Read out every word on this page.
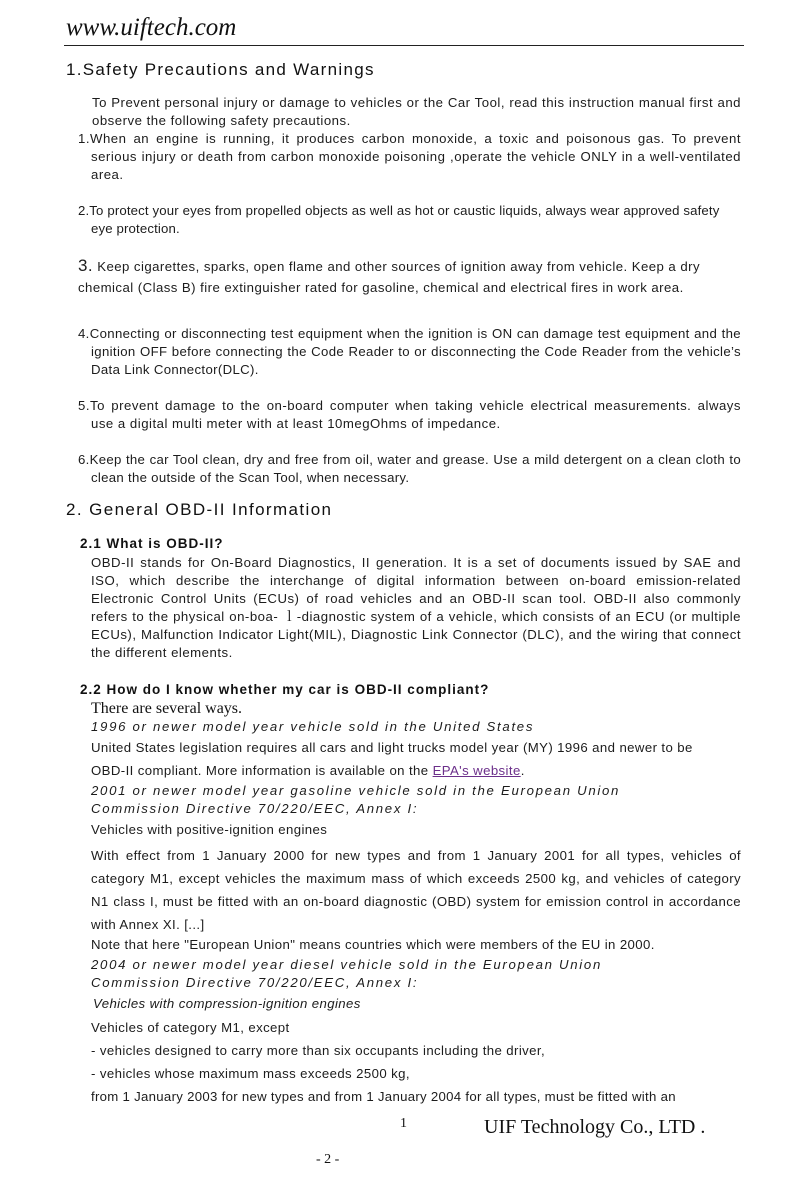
www.uiftech.com
1.Safety Precautions and Warnings
To Prevent personal injury or damage to vehicles or the Car Tool, read this instruction manual first and observe the following safety precautions.
1.When an engine is running, it produces carbon monoxide, a toxic and poisonous gas. To prevent serious injury or death from carbon monoxide poisoning ,operate the vehicle ONLY in a well-ventilated area.
2.To protect your eyes from propelled objects as well as hot or caustic liquids, always wear approved safety eye protection.
3. Keep cigarettes, sparks, open flame and other sources of ignition away from vehicle. Keep a dry
chemical (Class B) fire extinguisher rated for gasoline, chemical and electrical fires in work area.
4.Connecting or disconnecting test equipment when the ignition is ON can damage test equipment and the ignition OFF before connecting the Code Reader to or disconnecting the Code Reader from the vehicle’s Data Link Connector(DLC).
5.To prevent damage to the on-board computer when taking vehicle electrical measurements. always use a digital multi meter with at least 10megOhms of impedance.
6.Keep the car Tool clean, dry and free from oil, water and grease. Use a mild detergent on a clean cloth to clean the outside of the Scan Tool, when necessary.
2. General OBD-II Information
2.1 What is OBD-II?
OBD-II stands for On-Board Diagnostics, II generation. It is a set of documents issued by SAE and ISO, which describe the interchange of digital information between on-board emission-related Electronic Control Units (ECUs) of road vehicles and an OBD-II scan tool. OBD-II also commonly refers to the physical on-boa- ｌ-diagnostic system of a vehicle, which consists of an ECU (or multiple ECUs), Malfunction Indicator Light(MIL), Diagnostic Link Connector (DLC), and the wiring that connect the different elements.
2.2 How do I know whether my car is OBD-II compliant?
There are several ways.
1996 or newer model year vehicle sold in the United States
United States legislation requires all cars and light trucks model year (MY) 1996 and newer to be
OBD-II compliant. More information is available on the EPA's website.
2001 or newer model year gasoline vehicle sold in the European Union
Commission Directive 70/220/EEC, Annex I:
Vehicles with positive-ignition engines
With effect from 1 January 2000 for new types and from 1 January 2001 for all types, vehicles of category M1, except vehicles the maximum mass of which exceeds 2500 kg, and vehicles of category N1 class I, must be fitted with an on-board diagnostic (OBD) system for emission control in accordance with Annex XI. [...]
Note that here "European Union" means countries which were members of the EU in 2000.
2004 or newer model year diesel vehicle sold in the European Union
Commission Directive 70/220/EEC, Annex I:
Vehicles with compression-ignition engines
Vehicles of category M1, except
- vehicles designed to carry more than six occupants including the driver,
- vehicles whose maximum mass exceeds 2500 kg,
from 1 January 2003 for new types and from 1 January 2004 for all types, must be fitted with an
1	UIF Technology Co., LTD .
- 2 -
